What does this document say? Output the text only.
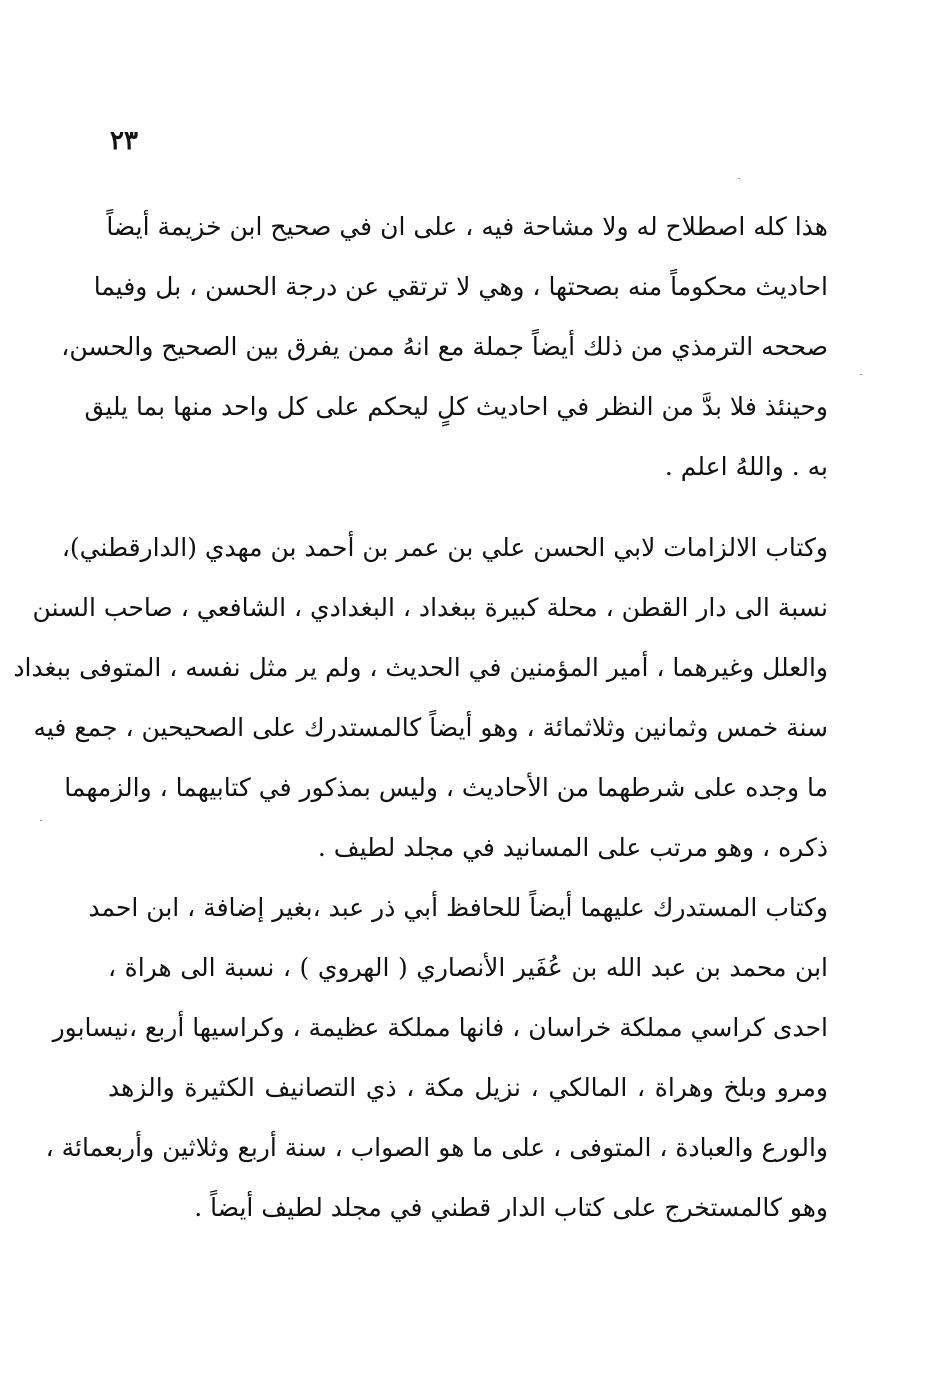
٢٣
هذا كله اصطلاح له ولا مشاحة فيه ، على ان في صحيح ابن خزيمة أيضاً
احاديث محكوماً منه بصحتها ، وهي لا ترتقي عن درجة الحسن ، بل وفيما
صححه الترمذي من ذلك أيضاً جملة مع انهُ ممن يفرق بين الصحيح والحسن،
وحينئذ فلا بدَّ من النظر في احاديث كلٍ ليحكم على كل واحد منها بما يليق
به . واللهُ اعلم .
وكتاب الالزامات لابي الحسن علي بن عمر بن أحمد بن مهدي (الدارقطني)،
نسبة الى دار القطن ، محلة كبيرة ببغداد ، البغدادي ، الشافعي ، صاحب السنن
والعلل وغيرهما ، أمير المؤمنين في الحديث ، ولم ير مثل نفسه ، المتوفى ببغداد
سنة خمس وثمانين وثلاثمائة ، وهو أيضاً كالمستدرك على الصحيحين ، جمع فيه
ما وجده على شرطهما من الأحاديث ، وليس بمذكور في كتابيهما ، والزمهما
ذكره ، وهو مرتب على المسانيد في مجلد لطيف .
وكتاب المستدرك عليهما أيضاً للحافظ أبي ذر عبد ،بغير إضافة ، ابن احمد
ابن محمد بن عبد الله بن عُفَير الأنصاري ( الهروي ) ، نسبة الى هراة ،
احدى كراسي مملكة خراسان ، فانها مملكة عظيمة ، وكراسيها أربع ،نيسابور
ومرو وبلخ وهراة ، المالكي ، نزيل مكة ، ذي التصانيف الكثيرة والزهد
والورع والعبادة ، المتوفى ، على ما هو الصواب ، سنة أربع وثلاثين وأربعمائة ،
وهو كالمستخرج على كتاب الدار قطني في مجلد لطيف أيضاً .
